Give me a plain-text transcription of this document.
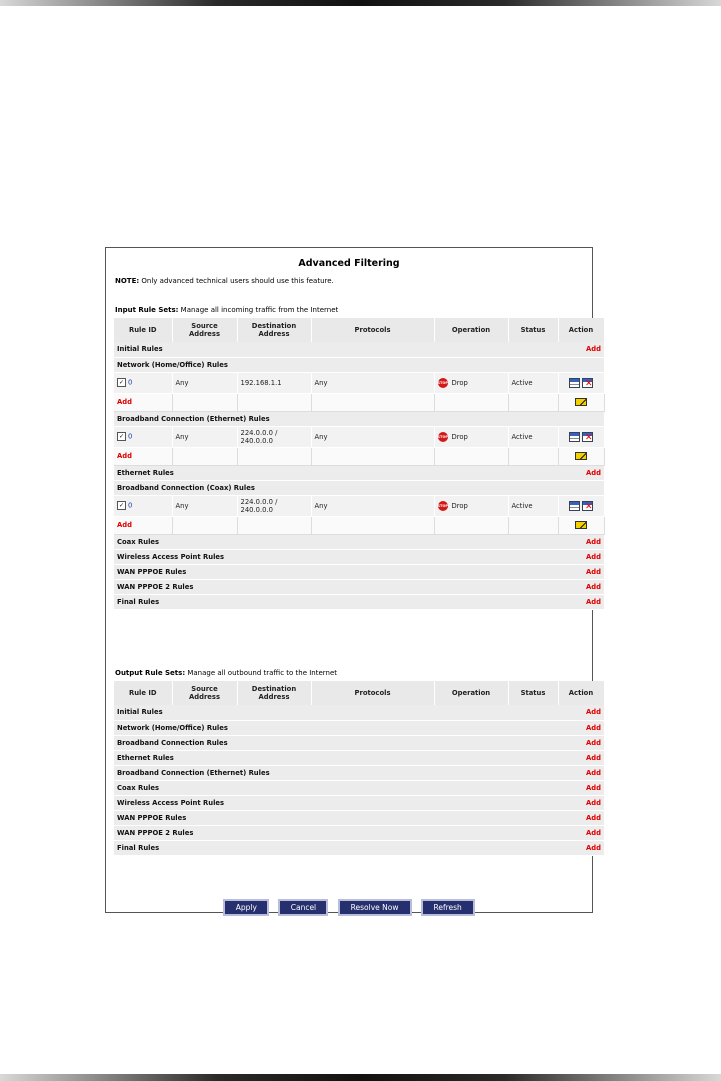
Advanced Filtering
NOTE: Only advanced technical users should use this feature.
Input Rule Sets: Manage all incoming traffic from the Internet
Rule ID	Source Address	Destination Address	Protocols	Operation	Status	Action
Initial Rules						Add
Network (Home/Office) Rules						
✓ 0	Any	192.168.1.1	Any	STOP Drop	Active	✕
Add						
Broadband Connection (Ethernet) Rules						
✓ 0	Any	224.0.0.0 / 240.0.0.0	Any	STOP Drop	Active	✕
Add						
Ethernet Rules						Add
Broadband Connection (Coax) Rules						
✓ 0	Any	224.0.0.0 / 240.0.0.0	Any	STOP Drop	Active	✕
Add						
Coax Rules						Add
Wireless Access Point Rules						Add
WAN PPPOE Rules						Add
WAN PPPOE 2 Rules						Add
Final Rules						Add
Output Rule Sets: Manage all outbound traffic to the Internet
Rule ID	Source Address	Destination Address	Protocols	Operation	Status	Action
Initial Rules						Add
Network (Home/Office) Rules						Add
Broadband Connection Rules						Add
Ethernet Rules						Add
Broadband Connection (Ethernet) Rules						Add
Coax Rules						Add
Wireless Access Point Rules						Add
WAN PPPOE Rules						Add
WAN PPPOE 2 Rules						Add
Final Rules						Add
Apply	Cancel	Resolve Now	Refresh
